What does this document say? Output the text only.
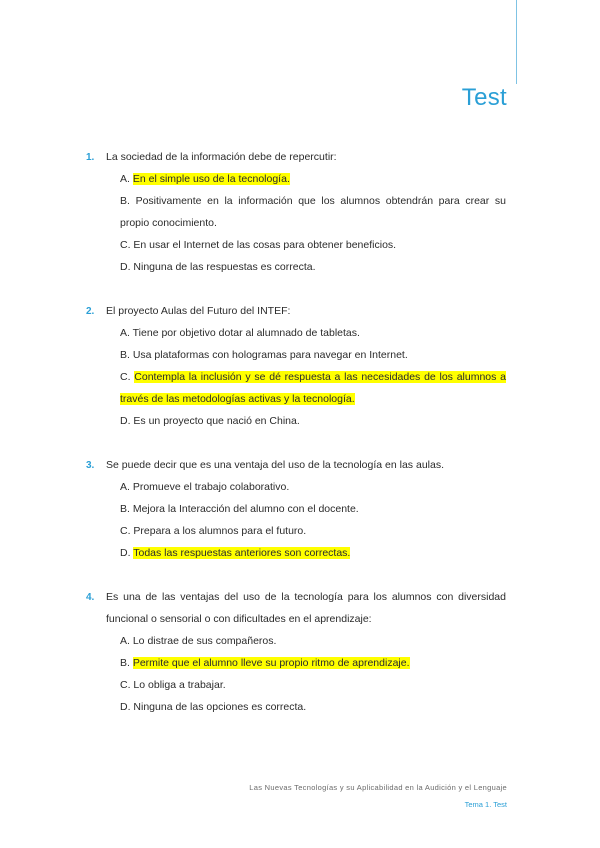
Test
1.	La sociedad de la información debe de repercutir:
A. En el simple uso de la tecnología.
B. Positivamente en la información que los alumnos obtendrán para crear su propio conocimiento.
C. En usar el Internet de las cosas para obtener beneficios.
D. Ninguna de las respuestas es correcta.
2.	El proyecto Aulas del Futuro del INTEF:
A. Tiene por objetivo dotar al alumnado de tabletas.
B. Usa plataformas con hologramas para navegar en Internet.
C. Contempla la inclusión y se dé respuesta a las necesidades de los alumnos a través de las metodologías activas y la tecnología.
D. Es un proyecto que nació en China.
3.	Se puede decir que es una ventaja del uso de la tecnología en las aulas.
A. Promueve el trabajo colaborativo.
B. Mejora la Interacción del alumno con el docente.
C. Prepara a los alumnos para el futuro.
D. Todas las respuestas anteriores son correctas.
4.	Es una de las ventajas del uso de la tecnología para los alumnos con diversidad funcional o sensorial o con dificultades en el aprendizaje:
A. Lo distrae de sus compañeros.
B. Permite que el alumno lleve su propio ritmo de aprendizaje.
C. Lo obliga a trabajar.
D. Ninguna de las opciones es correcta.
Las Nuevas Tecnologías y su Aplicabilidad en la Audición y el Lenguaje
Tema 1. Test
